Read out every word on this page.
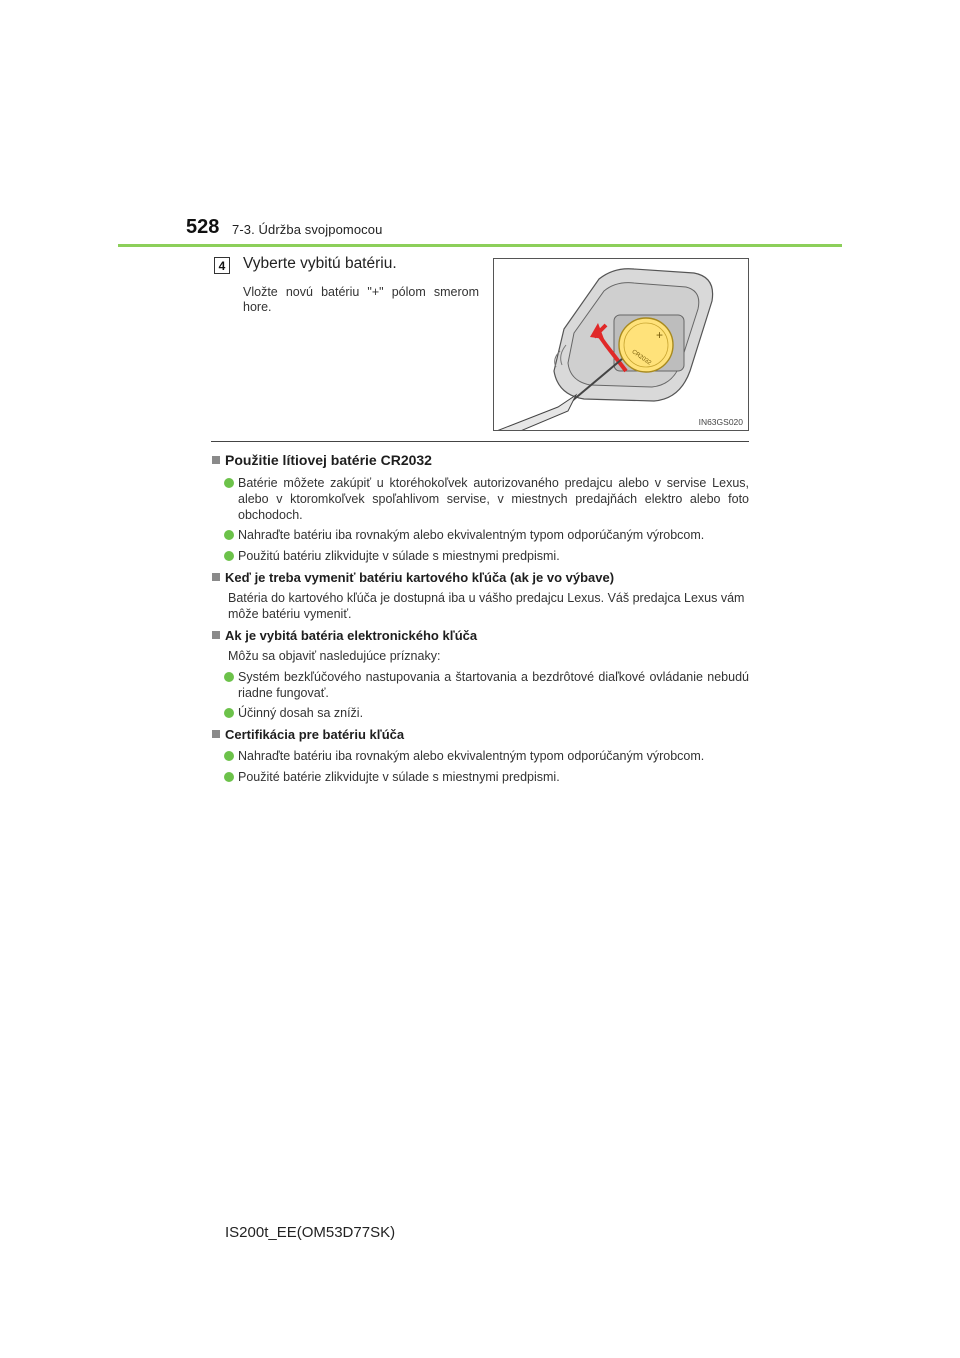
528 7-3. Údržba svojpomocou
4	Vyberte vybitú batériu.
Vložte novú batériu "+" pólom smerom hore.
+
CR2032
IN63GS020
Použitie lítiovej batérie CR2032
Batérie môžete zakúpiť u ktoréhokoľvek autorizovaného predajcu alebo v servise Lexus, alebo v ktoromkoľvek spoľahlivom servise, v miestnych predajňách elektro alebo foto obchodoch.
Nahraďte batériu iba rovnakým alebo ekvivalentným typom odporúčaným výrobcom.
Použitú batériu zlikvidujte v súlade s miestnymi predpismi.
Keď je treba vymeniť batériu kartového kľúča (ak je vo výbave)
Batéria do kartového kľúča je dostupná iba u vášho predajcu Lexus. Váš predajca Lexus vám môže batériu vymeniť.
Ak je vybitá batéria elektronického kľúča
Môžu sa objaviť nasledujúce príznaky:
Systém bezkľúčového nastupovania a štartovania a bezdrôtové diaľkové ovládanie nebudú riadne fungovať.
Účinný dosah sa zníži.
Certifikácia pre batériu kľúča
Nahraďte batériu iba rovnakým alebo ekvivalentným typom odporúčaným výrobcom.
Použité batérie zlikvidujte v súlade s miestnymi predpismi.
IS200t_EE(OM53D77SK)
